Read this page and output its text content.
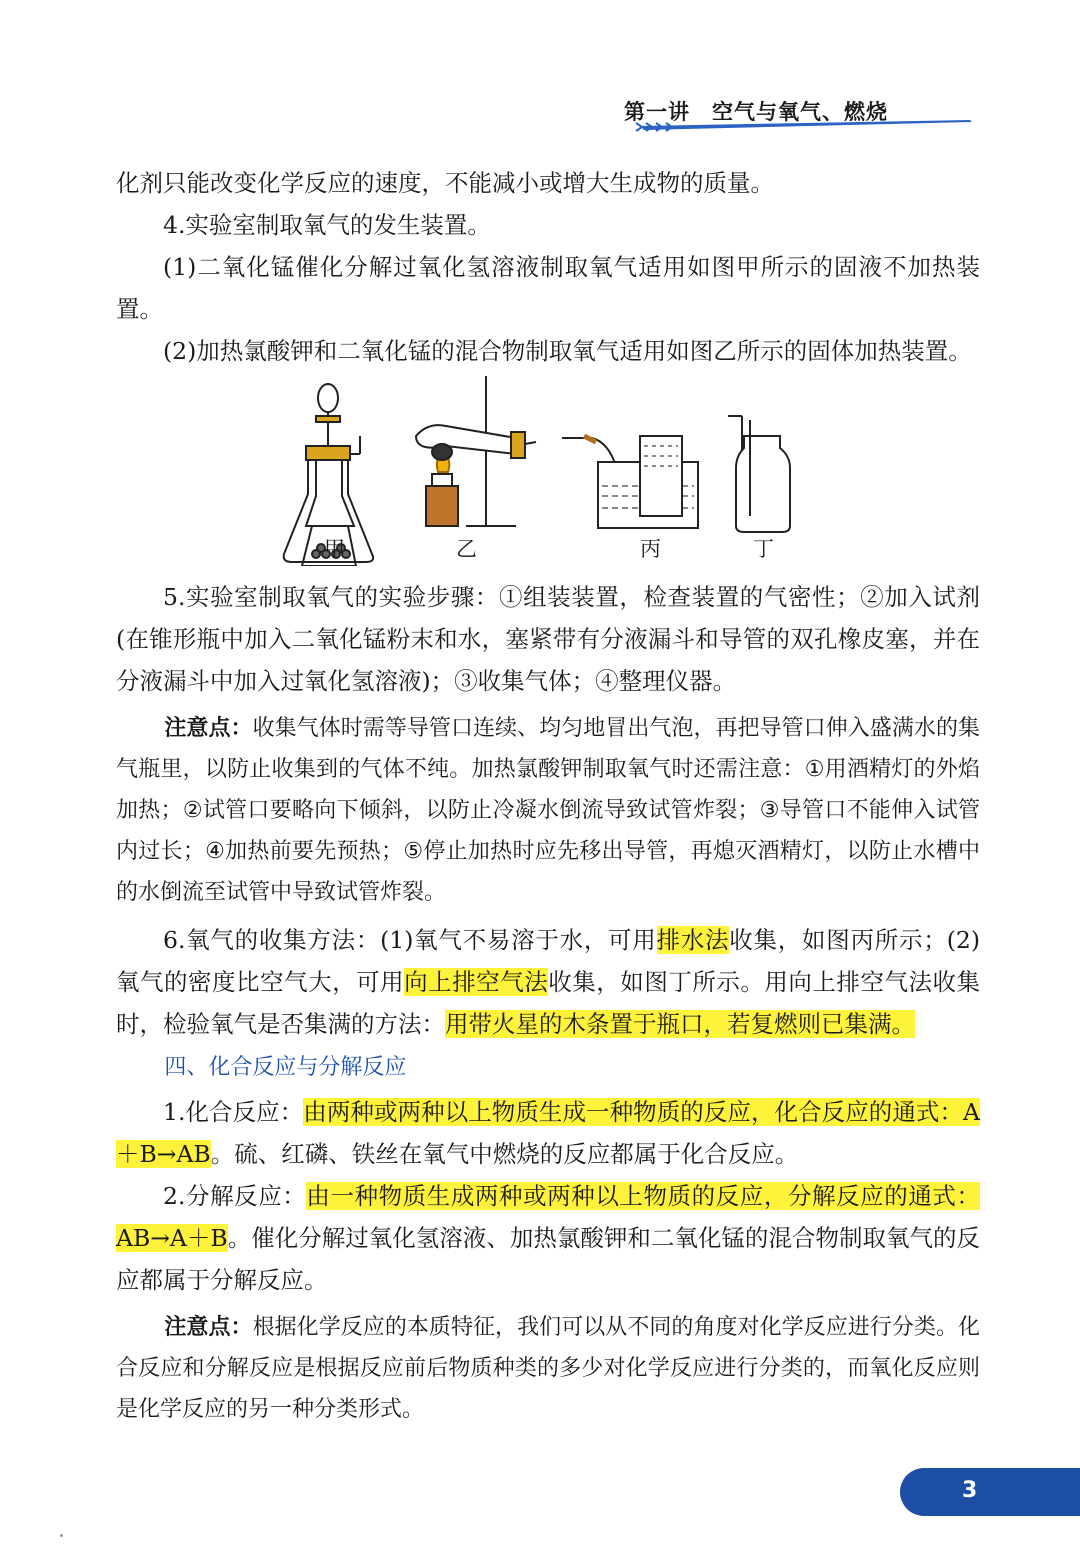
第一讲　空气与氧气、燃烧

化剂只能改变化学反应的速度，不能减小或增大生成物的质量。

4.实验室制取氧气的发生装置。

(1)二氧化锰催化分解过氧化氢溶液制取氧气适用如图甲所示的固液不加热装置。

(2)加热氯酸钾和二氧化锰的混合物制取氧气适用如图乙所示的固体加热装置。

甲	乙	丙	丁

5.实验室制取氧气的实验步骤：①组装装置，检查装置的气密性；②加入试剂(在锥形瓶中加入二氧化锰粉末和水，塞紧带有分液漏斗和导管的双孔橡皮塞，并在分液漏斗中加入过氧化氢溶液)；③收集气体；④整理仪器。

注意点：收集气体时需等导管口连续、均匀地冒出气泡，再把导管口伸入盛满水的集气瓶里，以防止收集到的气体不纯。加热氯酸钾制取氧气时还需注意：①用酒精灯的外焰加热；②试管口要略向下倾斜，以防止冷凝水倒流导致试管炸裂；③导管口不能伸入试管内过长；④加热前要先预热；⑤停止加热时应先移出导管，再熄灭酒精灯，以防止水槽中的水倒流至试管中导致试管炸裂。

6.氧气的收集方法：(1)氧气不易溶于水，可用排水法收集，如图丙所示；(2)氧气的密度比空气大，可用向上排空气法收集，如图丁所示。用向上排空气法收集时，检验氧气是否集满的方法：用带火星的木条置于瓶口，若复燃则已集满。

四、化合反应与分解反应

1.化合反应：由两种或两种以上物质生成一种物质的反应，化合反应的通式：A＋B→AB。硫、红磷、铁丝在氧气中燃烧的反应都属于化合反应。

2.分解反应：由一种物质生成两种或两种以上物质的反应，分解反应的通式：AB→A＋B。催化分解过氧化氢溶液、加热氯酸钾和二氧化锰的混合物制取氧气的反应都属于分解反应。

注意点：根据化学反应的本质特征，我们可以从不同的角度对化学反应进行分类。化合反应和分解反应是根据反应前后物质种类的多少对化学反应进行分类的，而氧化反应则是化学反应的另一种分类形式。

3
